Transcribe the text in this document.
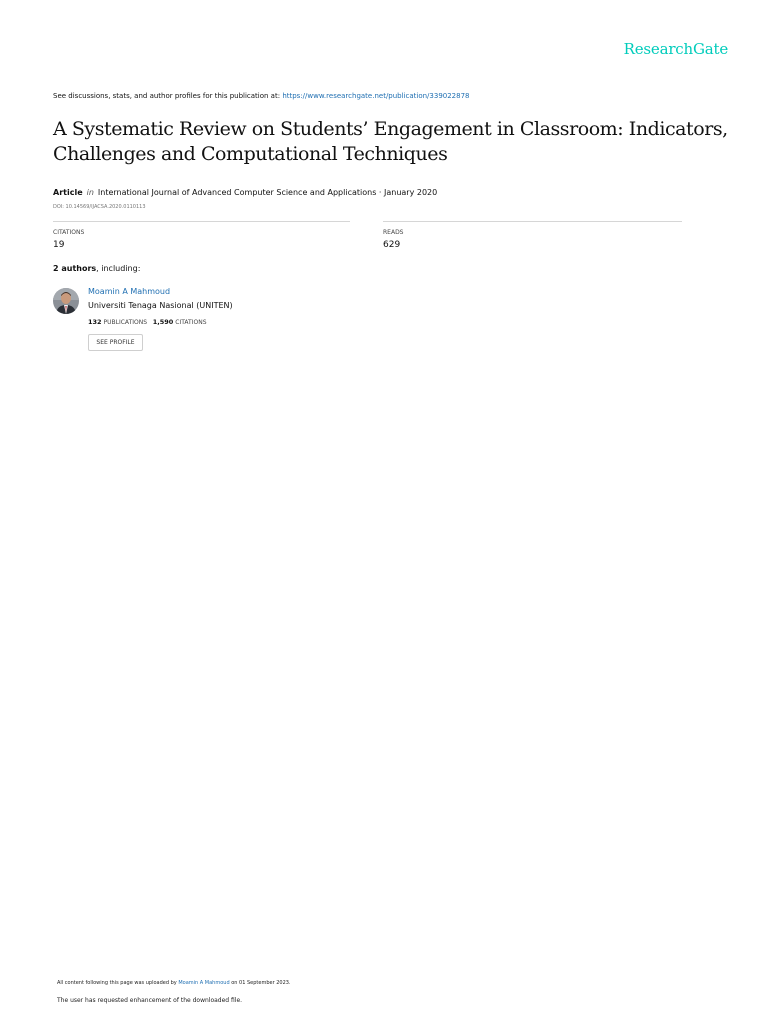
ResearchGate
See discussions, stats, and author profiles for this publication at: https://www.researchgate.net/publication/339022878
A Systematic Review on Students’ Engagement in Classroom: Indicators, Challenges and Computational Techniques
Article in International Journal of Advanced Computer Science and Applications · January 2020
DOI: 10.14569/IJACSA.2020.0110113
CITATIONS
19
READS
629
2 authors, including:
Moamin A Mahmoud
Universiti Tenaga Nasional (UNITEN)
132 PUBLICATIONS 1,590 CITATIONS
SEE PROFILE
All content following this page was uploaded by Moamin A Mahmoud on 01 September 2023.
The user has requested enhancement of the downloaded file.
